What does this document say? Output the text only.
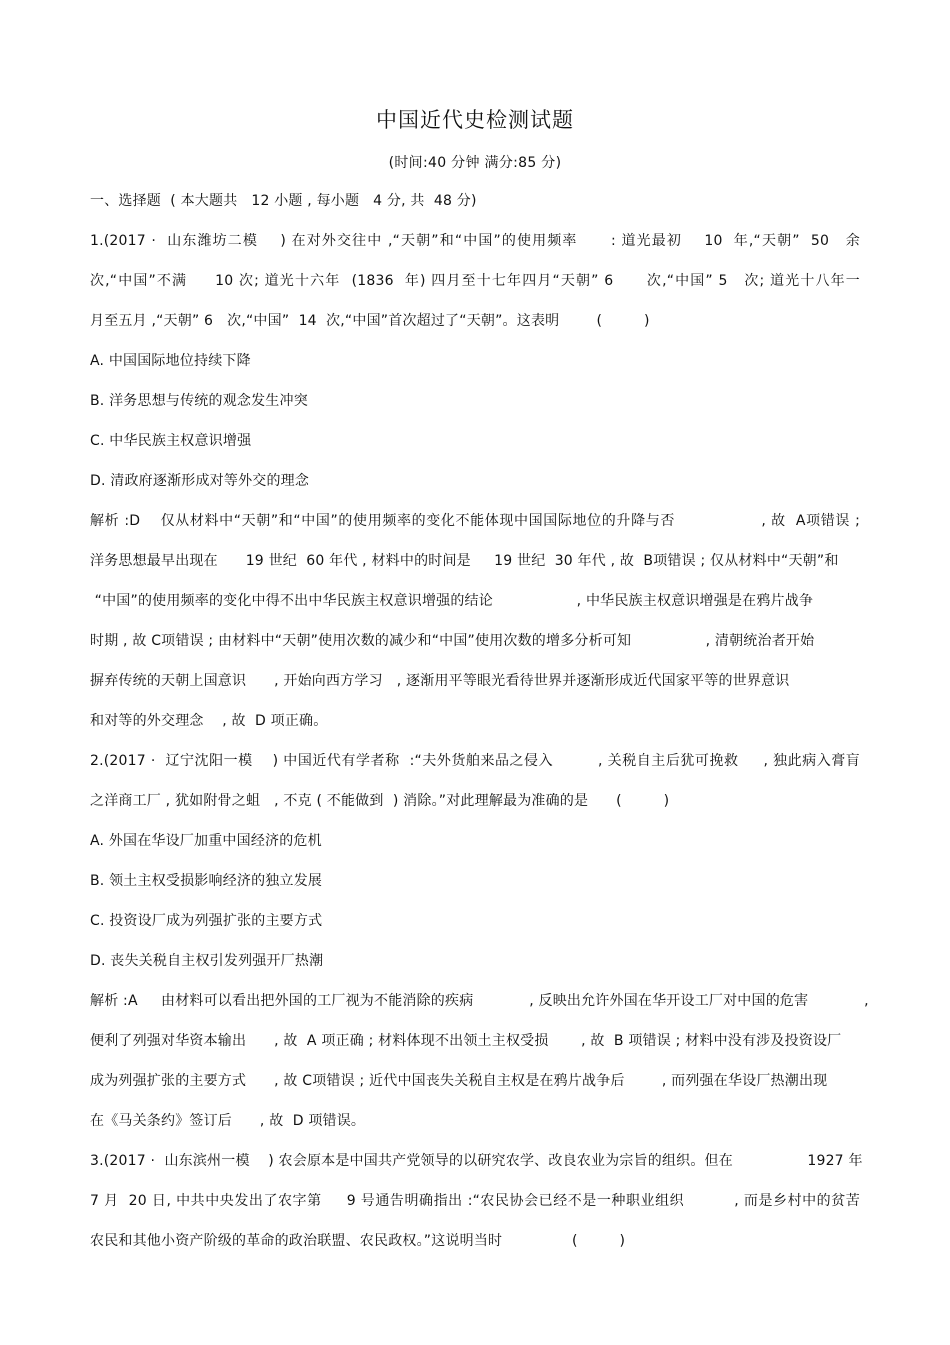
中国近代史检测试题
(时间:40 分钟 满分:85 分)
一、选择题  ( 本大题共   12 小题 , 每小题   4 分, 共  48 分)
1.(2017 ·  山东潍坊二模    ) 在对外交往中 ,“天朝”和“中国”的使用频率      : 道光最初    10  年,“天朝”  50   余
次,“中国”不满     10 次; 道光十六年  (1836  年) 四月至十七年四月“天朝” 6      次,“中国” 5   次; 道光十八年一
月至五月 ,“天朝” 6   次,“中国”  14  次,“中国”首次超过了“天朝”。这表明        (         )
A. 中国国际地位持续下降
B. 洋务思想与传统的观念发生冲突
C. 中华民族主权意识增强
D. 清政府逐渐形成对等外交的理念
解析 :D    仅从材料中“天朝”和“中国”的使用频率的变化不能体现中国国际地位的升降与否                 , 故  A项错误 ;
洋务思想最早出现在      19 世纪  60 年代 , 材料中的时间是     19 世纪  30 年代 , 故  B项错误 ; 仅从材料中“天朝”和
“中国”的使用频率的变化中得不出中华民族主权意识增强的结论                  , 中华民族主权意识增强是在鸦片战争
时期 , 故 C项错误 ; 由材料中“天朝”使用次数的减少和“中国”使用次数的增多分析可知                , 清朝统治者开始
摒弃传统的天朝上国意识      , 开始向西方学习   , 逐渐用平等眼光看待世界并逐渐形成近代国家平等的世界意识
和对等的外交理念    , 故  D 项正确。
2.(2017 ·  辽宁沈阳一模    ) 中国近代有学者称  :“夫外货舶来品之侵入         , 关税自主后犹可挽救     , 独此病入膏肓
之洋商工厂 , 犹如附骨之蛆   , 不克 ( 不能做到  ) 消除。”对此理解最为准确的是      (         )
A. 外国在华设厂加重中国经济的危机
B. 领土主权受损影响经济的独立发展
C. 投资设厂成为列强扩张的主要方式
D. 丧失关税自主权引发列强开厂热潮
解析 :A     由材料可以看出把外国的工厂视为不能消除的疾病            , 反映出允许外国在华开设工厂对中国的危害            ,
便利了列强对华资本输出      , 故  A 项正确 ; 材料体现不出领土主权受损       , 故  B 项错误 ; 材料中没有涉及投资设厂
成为列强扩张的主要方式      , 故 C项错误 ; 近代中国丧失关税自主权是在鸦片战争后        , 而列强在华设厂热潮出现
在《马关条约》签订后      , 故  D 项错误。
3.(2017 ·  山东滨州一模    ) 农会原本是中国共产党领导的以研究农学、改良农业为宗旨的组织。但在                1927 年
7 月  20 日, 中共中央发出了农字第     9 号通告明确指出 :“农民协会已经不是一种职业组织          , 而是乡村中的贫苦
农民和其他小资产阶级的革命的政治联盟、农民政权。”这说明当时               (         )
